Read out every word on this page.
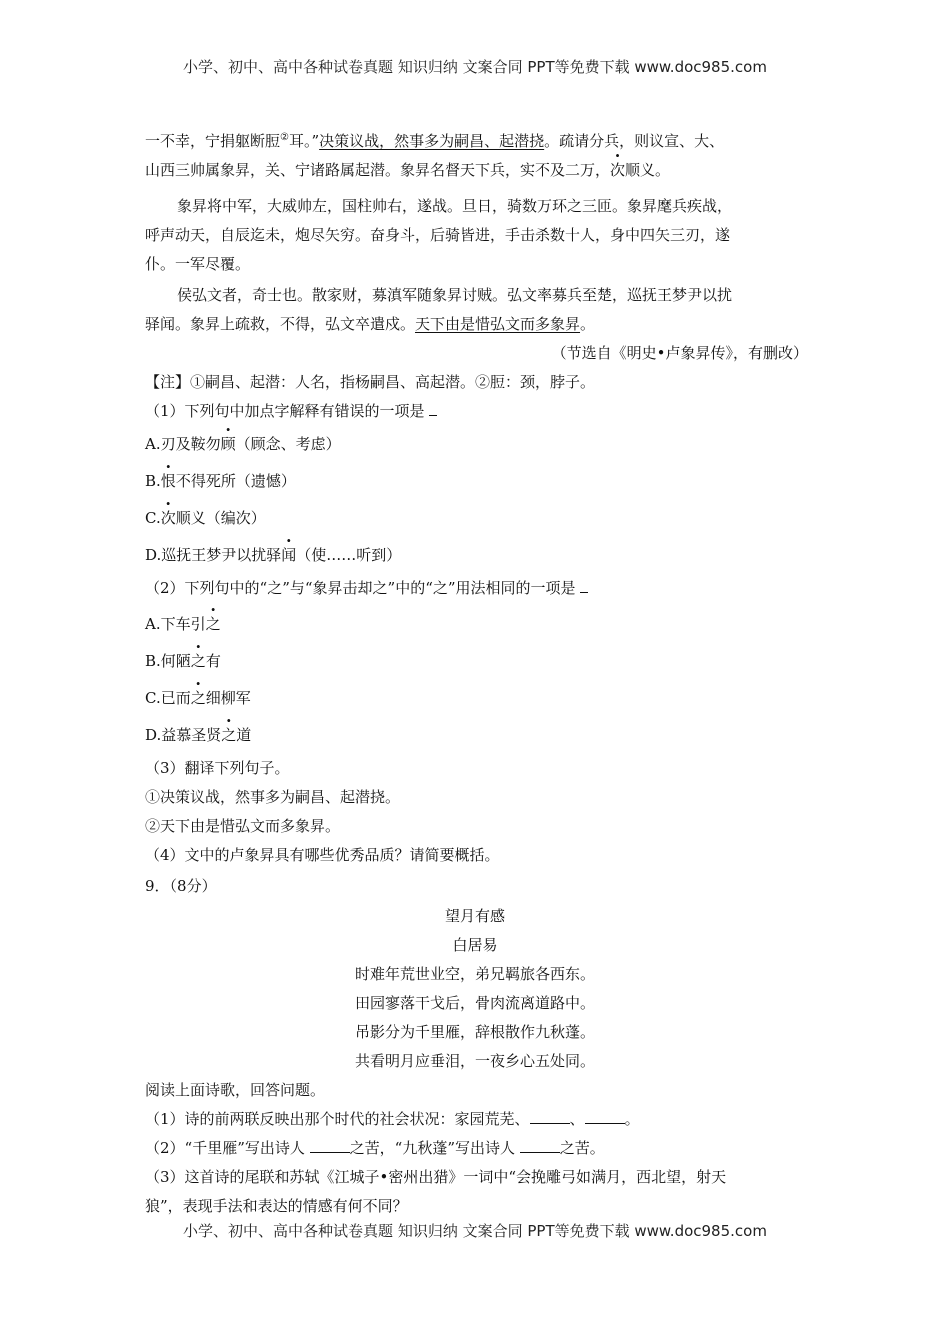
小学、初中、高中各种试卷真题 知识归纳 文案合同 PPT等免费下载 www.doc985.com
一不幸，宁捐躯断脰②耳。”决策议战，然事多为嗣昌、起潜挠。疏请分兵，则议宣、大、
山西三帅属象昇，关、宁诸路属起潜。象昇名督天下兵，实不及二万，次顺义。
象昇将中军，大威帅左，国柱帅右，遂战。旦日，骑数万环之三匝。象昇麾兵疾战，
呼声动天，自辰迄未，炮尽矢穷。奋身斗，后骑皆进，手击杀数十人，身中四矢三刃，遂
仆。一军尽覆。
侯弘文者，奇士也。散家财，募滇军随象昇讨贼。弘文率募兵至楚，巡抚王梦尹以扰
驿闻。象昇上疏救，不得，弘文卒遣戍。天下由是惜弘文而多象昇。
（节选自《明史•卢象昇传》，有删改）
【注】①嗣昌、起潜：人名，指杨嗣昌、高起潜。②脰：颈，脖子。
（1）下列句中加点字解释有错误的一项是
A.刃及鞍勿顾（顾念、考虑）
B.恨不得死所（遗憾）
C.次顺义（编次）
D.巡抚王梦尹以扰驿闻（使……听到）
（2）下列句中的“之”与“象昇击却之”中的“之”用法相同的一项是
A.下车引之
B.何陋之有
C.已而之细柳军
D.益慕圣贤之道
（3）翻译下列句子。
①决策议战，然事多为嗣昌、起潜挠。
②天下由是惜弘文而多象昇。
（4）文中的卢象昇具有哪些优秀品质？请简要概括。
9．（8分）
望月有感
白居易
时难年荒世业空，弟兄羁旅各西东。
田园寥落干戈后，骨肉流离道路中。
吊影分为千里雁，辞根散作九秋蓬。
共看明月应垂泪，一夜乡心五处同。
阅读上面诗歌，回答问题。
（1）诗的前两联反映出那个时代的社会状况：家园荒芜、	、	。
（2）“千里雁”写出诗人	之苦，“九秋蓬”写出诗人	之苦。
（3）这首诗的尾联和苏轼《江城子•密州出猎》一词中“会挽雕弓如满月，西北望，射天
狼”，表现手法和表达的情感有何不同？
小学、初中、高中各种试卷真题 知识归纳 文案合同 PPT等免费下载 www.doc985.com
